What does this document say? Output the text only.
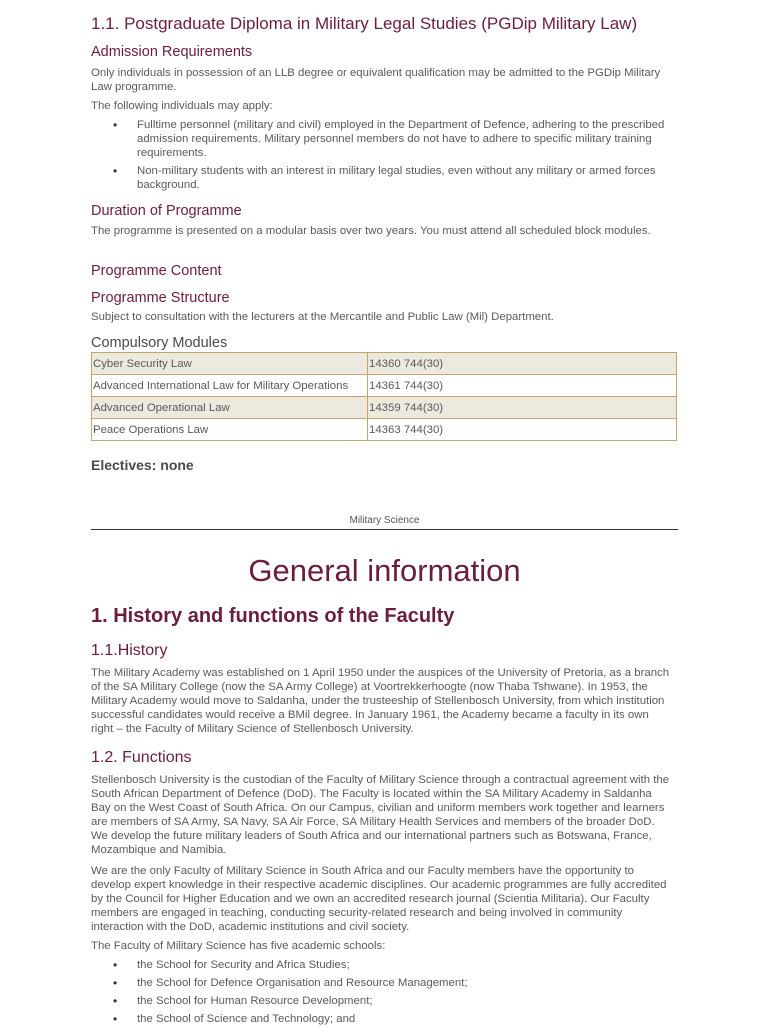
1.1. Postgraduate Diploma in Military Legal Studies (PGDip Military Law)
Admission Requirements

Only individuals in possession of an LLB degree or equivalent qualification may be admitted to the PGDip Military Law programme.

The following individuals may apply:

• Fulltime personnel (military and civil) employed in the Department of Defence, adhering to the prescribed admission requirements. Military personnel members do not have to adhere to specific military training requirements.
• Non-military students with an interest in military legal studies, even without any military or armed forces background.
Duration of Programme

The programme is presented on a modular basis over two years. You must attend all scheduled block modules.

Programme Content
Programme Structure

Subject to consultation with the lecturers at the Mercantile and Public Law (Mil) Department.

Compulsory Modules
Cyber Security Law	14360 744(30)
Advanced International Law for Military Operations	14361 744(30)
Advanced Operational Law	14359 744(30)
Peace Operations Law	14363 744(30)
Electives: none
Military Science
General information
1. History and functions of the Faculty
1.1.History

The Military Academy was established on 1 April 1950 under the auspices of the University of Pretoria, as a branch of the SA Military College (now the SA Army College) at Voortrekkerhoogte (now Thaba Tshwane). In 1953, the Military Academy would move to Saldanha, under the trusteeship of Stellenbosch University, from which institution successful candidates would receive a BMil degree. In January 1961, the Academy became a faculty in its own right – the Faculty of Military Science of Stellenbosch University.

1.2. Functions

Stellenbosch University is the custodian of the Faculty of Military Science through a contractual agreement with the South African Department of Defence (DoD). The Faculty is located within the SA Military Academy in Saldanha Bay on the West Coast of South Africa. On our Campus, civilian and uniform members work together and learners are members of SA Army, SA Navy, SA Air Force, SA Military Health Services and members of the broader DoD. We develop the future military leaders of South Africa and our international partners such as Botswana, France, Mozambique and Namibia.

We are the only Faculty of Military Science in South Africa and our Faculty members have the opportunity to develop expert knowledge in their respective academic disciplines. Our academic programmes are fully accredited by the Council for Higher Education and we own an accredited research journal (Scientia Militaria). Our Faculty members are engaged in teaching, conducting security-related research and being involved in community interaction with the DoD, academic institutions and civil society.

The Faculty of Military Science has five academic schools:

• the School for Security and Africa Studies;
• the School for Defence Organisation and Resource Management;
• the School for Human Resource Development;
• the School of Science and Technology; and
